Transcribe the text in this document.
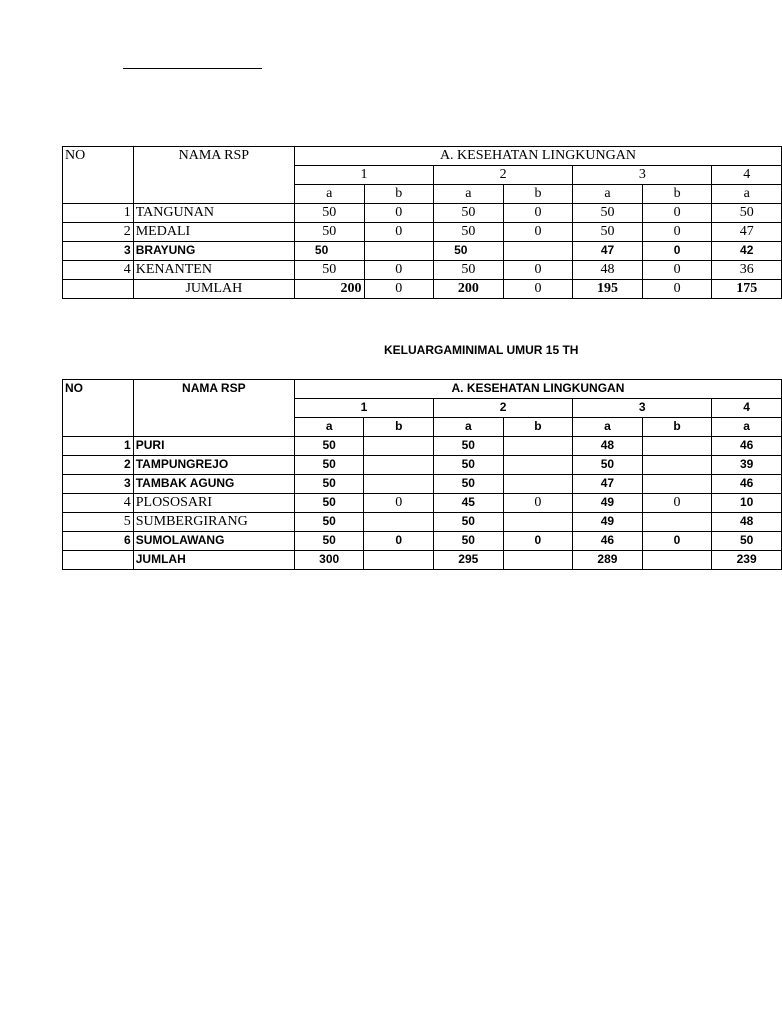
NO	NAMA RSP	A. KESEHATAN LINGKUNGAN						
		1		2		3		4
		a	b	a	b	a	b	a
1	TANGUNAN	50	0	50	0	50	0	50
2	MEDALI	50	0	50	0	50	0	47
3	BRAYUNG	50		50		47	0	42
4	KENANTEN	50	0	50	0	48	0	36
	JUMLAH	200	0	200	0	195	0	175
KELUARGAMINIMAL UMUR 15 TH
NO	NAMA RSP	A. KESEHATAN LINGKUNGAN						
		1		2		3		4
		a	b	a	b	a	b	a
1	PURI	50		50		48		46
2	TAMPUNGREJO	50		50		50		39
3	TAMBAK AGUNG	50		50		47		46
4	PLOSOSARI	50	0	45	0	49	0	10
5	SUMBERGIRANG	50		50		49		48
6	SUMOLAWANG	50	0	50	0	46	0	50
	JUMLAH	300		295		289		239
